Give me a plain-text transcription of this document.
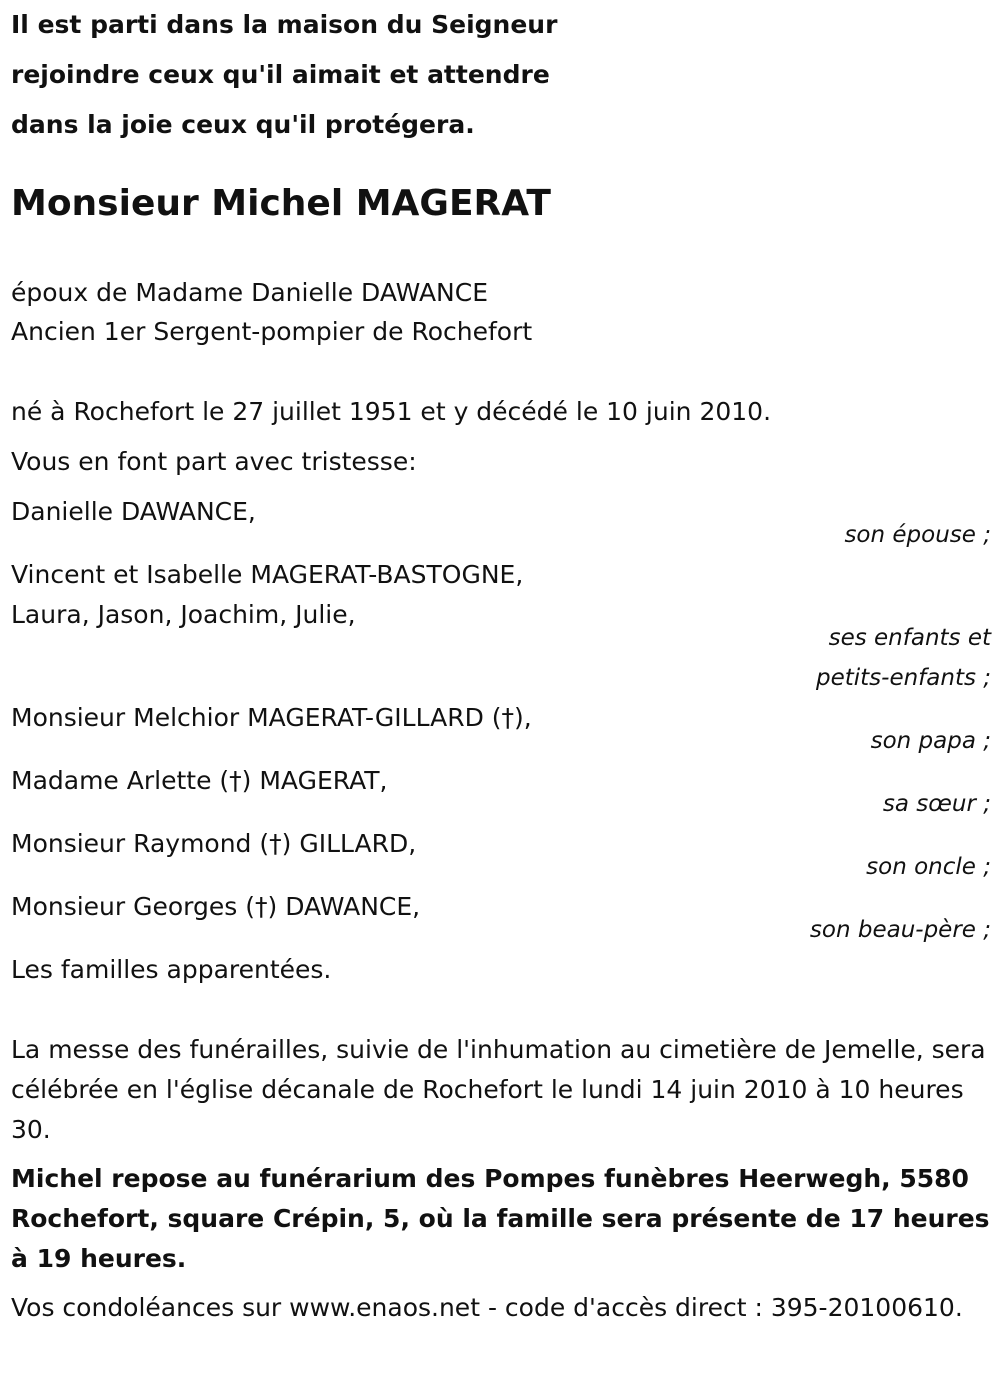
Il est parti dans la maison du Seigneur
rejoindre ceux qu'il aimait et attendre
dans la joie ceux qu'il protégera.
Monsieur Michel MAGERAT
époux de Madame Danielle DAWANCE
Ancien 1er Sergent-pompier de Rochefort
né à Rochefort le 27 juillet 1951 et y décédé le 10 juin 2010.
Vous en font part avec tristesse:
Danielle DAWANCE,
son épouse ;
Vincent et Isabelle MAGERAT-BASTOGNE,
Laura, Jason, Joachim, Julie,
ses enfants et
petits-enfants ;
Monsieur Melchior MAGERAT-GILLARD (†),
son papa ;
Madame Arlette (†) MAGERAT,
sa sœur ;
Monsieur Raymond (†) GILLARD,
son oncle ;
Monsieur Georges (†) DAWANCE,
son beau-père ;
Les familles apparentées.
La messe des funérailles, suivie de l'inhumation au cimetière de Jemelle, sera célébrée en l'église décanale de Rochefort le lundi 14 juin 2010 à 10 heures 30.
Michel repose au funérarium des Pompes funèbres Heerwegh, 5580 Rochefort, square Crépin, 5, où la famille sera présente de 17 heures à 19 heures.
Vos condoléances sur www.enaos.net - code d'accès direct : 395-20100610.
